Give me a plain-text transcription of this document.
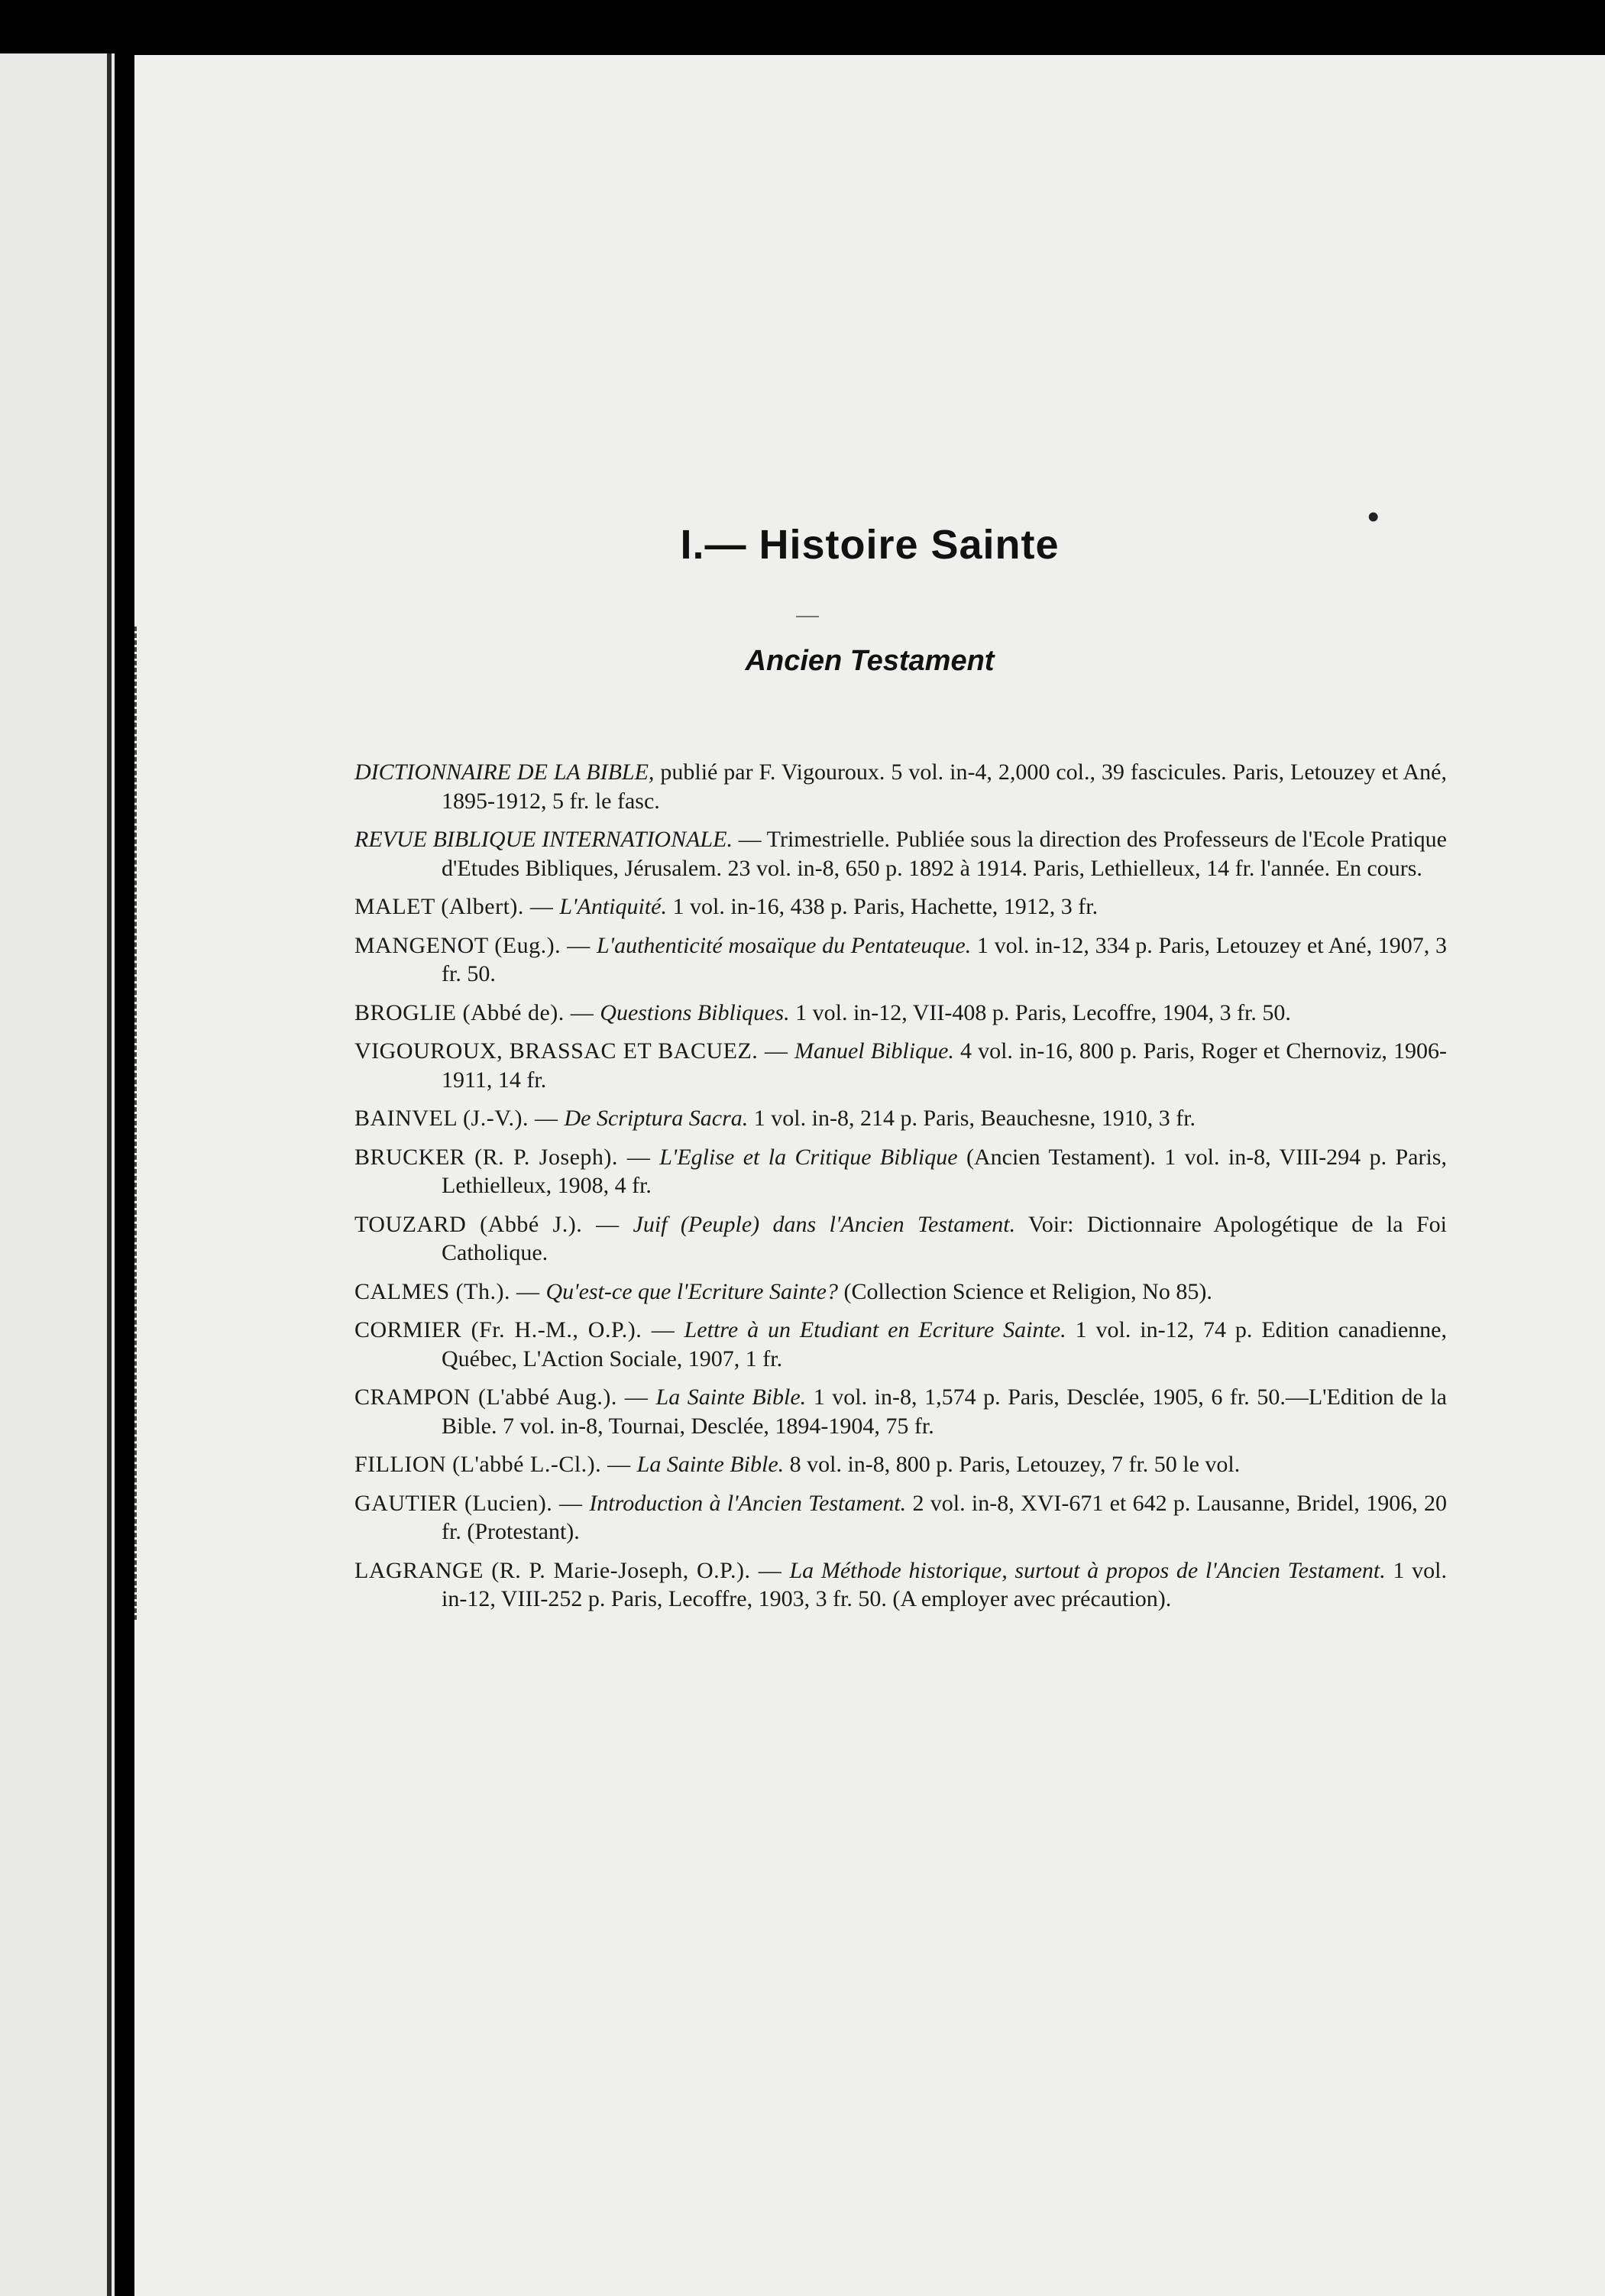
I.— Histoire Sainte
•
Ancien Testament
DICTIONNAIRE DE LA BIBLE, publié par F. Vigouroux. 5 vol. in-4, 2,000 col., 39 fascicules. Paris, Letouzey et Ané, 1895-1912, 5 fr. le fasc.
REVUE BIBLIQUE INTERNATIONALE. — Trimestrielle. Publiée sous la direction des Professeurs de l'Ecole Pratique d'Etudes Bibliques, Jérusalem. 23 vol. in-8, 650 p. 1892 à 1914. Paris, Lethielleux, 14 fr. l'année. En cours.
MALET (Albert). — L'Antiquité. 1 vol. in-16, 438 p. Paris, Hachette, 1912, 3 fr.
MANGENOT (Eug.). — L'authenticité mosaïque du Pentateuque. 1 vol. in-12, 334 p. Paris, Letouzey et Ané, 1907, 3 fr. 50.
BROGLIE (Abbé de). — Questions Bibliques. 1 vol. in-12, VII-408 p. Paris, Lecoffre, 1904, 3 fr. 50.
VIGOUROUX, BRASSAC ET BACUEZ. — Manuel Biblique. 4 vol. in-16, 800 p. Paris, Roger et Chernoviz, 1906-1911, 14 fr.
BAINVEL (J.-V.). — De Scriptura Sacra. 1 vol. in-8, 214 p. Paris, Beauchesne, 1910, 3 fr.
BRUCKER (R. P. Joseph). — L'Eglise et la Critique Biblique (Ancien Testament). 1 vol. in-8, VIII-294 p. Paris, Lethielleux, 1908, 4 fr.
TOUZARD (Abbé J.). — Juif (Peuple) dans l'Ancien Testament. Voir: Dictionnaire Apologétique de la Foi Catholique.
CALMES (Th.). — Qu'est-ce que l'Ecriture Sainte? (Collection Science et Religion, No 85).
CORMIER (Fr. H.-M., O.P.). — Lettre à un Etudiant en Ecriture Sainte. 1 vol. in-12, 74 p. Edition canadienne, Québec, L'Action Sociale, 1907, 1 fr.
CRAMPON (L'abbé Aug.). — La Sainte Bible. 1 vol. in-8, 1,574 p. Paris, Desclée, 1905, 6 fr. 50.—L'Edition de la Bible. 7 vol. in-8, Tournai, Desclée, 1894-1904, 75 fr.
FILLION (L'abbé L.-Cl.). — La Sainte Bible. 8 vol. in-8, 800 p. Paris, Letouzey, 7 fr. 50 le vol.
GAUTIER (Lucien). — Introduction à l'Ancien Testament. 2 vol. in-8, XVI-671 et 642 p. Lausanne, Bridel, 1906, 20 fr. (Protestant).
LAGRANGE (R. P. Marie-Joseph, O.P.). — La Méthode historique, surtout à propos de l'Ancien Testament. 1 vol. in-12, VIII-252 p. Paris, Lecoffre, 1903, 3 fr. 50. (A employer avec précaution).
